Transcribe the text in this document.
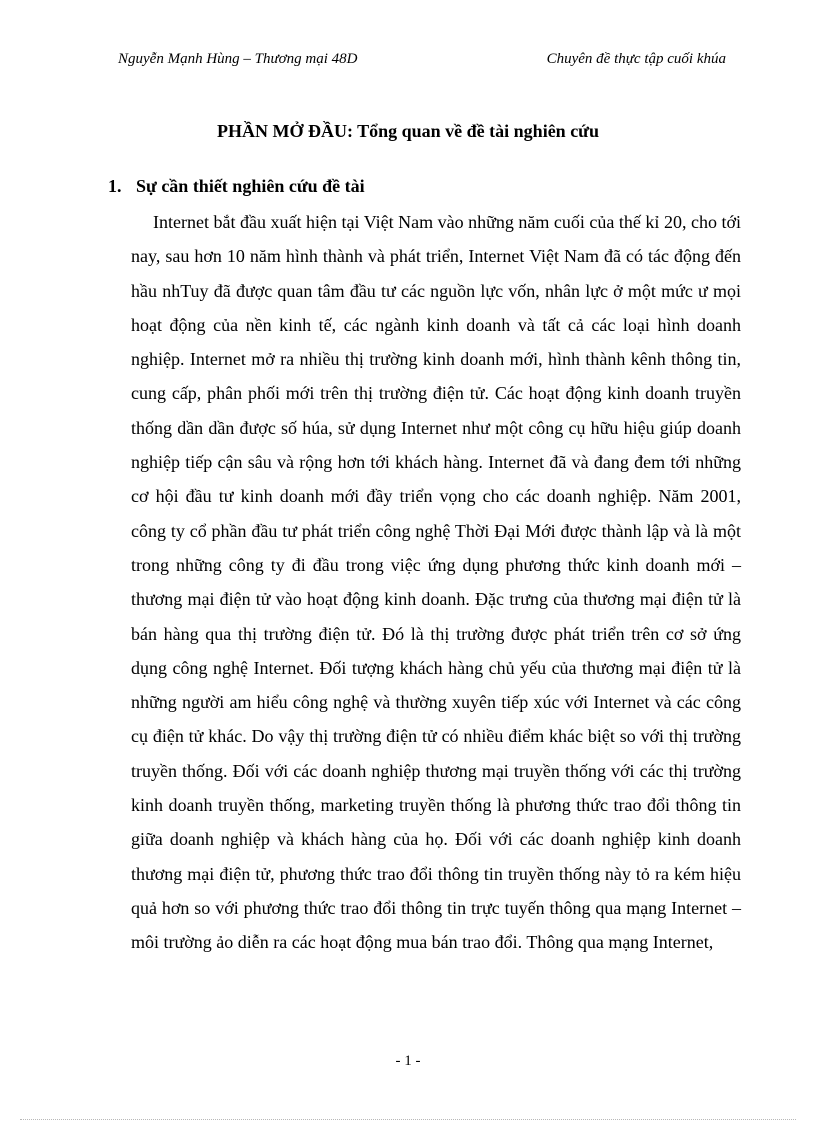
Nguyễn Mạnh Hùng – Thương mại 48D	Chuyên đề thực tập cuối khúa
PHẦN MỞ ĐẦU: Tổng quan về đề tài nghiên cứu
1. Sự cần thiết nghiên cứu đề tài

Internet bắt đầu xuất hiện tại Việt Nam vào những năm cuối của thế kỉ 20, cho tới nay, sau hơn 10 năm hình thành và phát triển, Internet Việt Nam đã có tác động đến hầu nhTuy đã được quan tâm đầu tư các nguồn lực vốn, nhân lực ở một mức ư mọi hoạt động của nền kinh tế, các ngành kinh doanh và tất cả các loại hình doanh nghiệp. Internet mở ra nhiều thị trường kinh doanh mới, hình thành kênh thông tin, cung cấp, phân phối mới trên thị trường điện tử. Các hoạt động kinh doanh truyền thống dần dần được số húa, sử dụng Internet như một công cụ hữu hiệu giúp doanh nghiệp tiếp cận sâu và rộng hơn tới khách hàng. Internet đã và đang đem tới những cơ hội đầu tư kinh doanh mới đầy triển vọng cho các doanh nghiệp. Năm 2001, công ty cổ phần đầu tư phát triển công nghệ Thời Đại Mới được thành lập và là một trong những công ty đi đầu trong việc ứng dụng phương thức kinh doanh mới – thương mại điện tử vào hoạt động kinh doanh. Đặc trưng của thương mại điện tử là bán hàng qua thị trường điện tử. Đó là thị trường được phát triển trên cơ sở ứng dụng công nghệ Internet. Đối tượng khách hàng chủ yếu của thương mại điện tử là những người am hiểu công nghệ và thường xuyên tiếp xúc với Internet và các công cụ điện tử khác. Do vậy thị trường điện tử có nhiều điểm khác biệt so với thị trường truyền thống. Đối với các doanh nghiệp thương mại truyền thống với các thị trường kinh doanh truyền thống, marketing truyền thống là phương thức trao đổi thông tin giữa doanh nghiệp và khách hàng của họ. Đối với các doanh nghiệp kinh doanh thương mại điện tử, phương thức trao đổi thông tin truyền thống này tỏ ra kém hiệu quả hơn so với phương thức trao đổi thông tin trực tuyến thông qua mạng Internet – môi trường ảo diễn ra các hoạt động mua bán trao đổi. Thông qua mạng Internet,

- 1 -
